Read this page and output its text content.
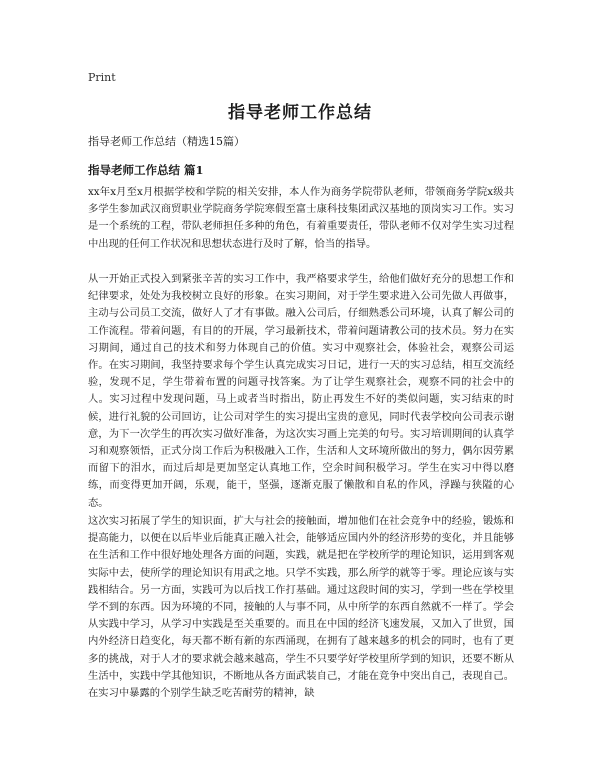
Print
指导老师工作总结
指导老师工作总结（精选15篇）
指导老师工作总结 篇1

xx年x月至x月根据学校和学院的相关安排，本人作为商务学院带队老师，带领商务学院x级共多学生参加武汉商贸职业学院商务学院寒假至富士康科技集团武汉基地的顶岗实习工作。实习是一个系统的工程，带队老师担任多种的角色，有着重要责任，带队老师不仅对学生实习过程中出现的任何工作状况和思想状态进行及时了解，恰当的指导。

从一开始正式投入到紧张辛苦的实习工作中，我严格要求学生，给他们做好充分的思想工作和纪律要求，处处为我校树立良好的形象。在实习期间，对于学生要求进入公司先做人再做事，主动与公司员工交流，做好人了才有事做。融入公司后，仔细熟悉公司环境，认真了解公司的工作流程。带着问题，有目的的开展，学习最新技术，带着问题请教公司的技术员。努力在实习期间，通过自己的技术和努力体现自己的价值。实习中观察社会，体验社会，观察公司运作。在实习期间，我坚持要求每个学生认真完成实习日记，进行一天的实习总结，相互交流经验，发现不足，学生带着布置的问题寻找答案。为了让学生观察社会，观察不同的社会中的人。实习过程中发现问题，马上或者当时指出，防止再发生不好的类似问题，实习结束的时候，进行礼貌的公司回访，让公司对学生的实习提出宝贵的意见，同时代表学校向公司表示谢意，为下一次学生的再次实习做好准备，为这次实习画上完美的句号。实习培训期间的认真学习和观察领悟，正式分岗工作后为积极融入工作，生活和人文环境所做出的努力，偶尔因劳累而留下的泪水，而过后却是更加坚定认真地工作，空余时间积极学习。学生在实习中得以磨练，而变得更加开阔，乐观，能干，坚强，逐渐克服了懒散和自私的作风，浮躁与狭隘的心态。

这次实习拓展了学生的知识面，扩大与社会的接触面，增加他们在社会竞争中的经验，锻炼和提高能力，以便在以后毕业后能真正融入社会，能够适应国内外的经济形势的变化，并且能够在生活和工作中很好地处理各方面的问题，实践，就是把在学校所学的理论知识，运用到客观实际中去，使所学的理论知识有用武之地。只学不实践，那么所学的就等于零。理论应该与实践相结合。另一方面，实践可为以后找工作打基础。通过这段时间的实习，学到一些在学校里学不到的东西。因为环境的不同，接触的人与事不同，从中所学的东西自然就不一样了。学会从实践中学习，从学习中实践是至关重要的。而且在中国的经济飞速发展，又加入了世贸，国内外经济日趋变化，每天都不断有新的东西涌现，在拥有了越来越多的机会的同时，也有了更多的挑战，对于人才的要求就会越来越高，学生不只要学好学校里所学到的知识，还要不断从生活中，实践中学其他知识，不断地从各方面武装自己，才能在竞争中突出自己，表现自己。在实习中暴露的个别学生缺乏吃苦耐劳的精神，缺
